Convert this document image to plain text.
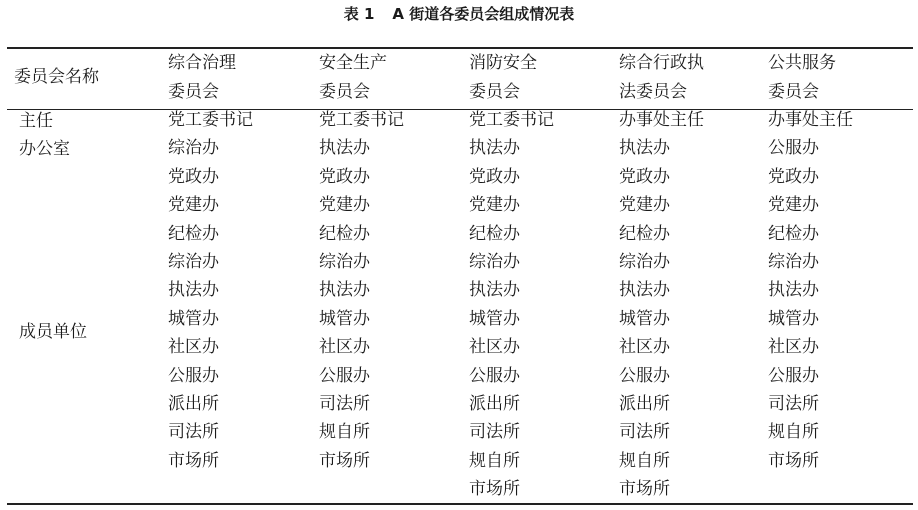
表 1 A 街道各委员会组成情况表
委员会名称
综合治理
委员会
安全生产
委员会
消防安全
委员会
综合行政执
法委员会
公共服务
委员会
主任
办公室
成员单位
党工委书记
综治办
党政办
党建办
纪检办
综治办
执法办
城管办
社区办
公服办
派出所
司法所
市场所
党工委书记
执法办
党政办
党建办
纪检办
综治办
执法办
城管办
社区办
公服办
司法所
规自所
市场所
党工委书记
执法办
党政办
党建办
纪检办
综治办
执法办
城管办
社区办
公服办
派出所
司法所
规自所
市场所
办事处主任
执法办
党政办
党建办
纪检办
综治办
执法办
城管办
社区办
公服办
派出所
司法所
规自所
市场所
办事处主任
公服办
党政办
党建办
纪检办
综治办
执法办
城管办
社区办
公服办
司法所
规自所
市场所
